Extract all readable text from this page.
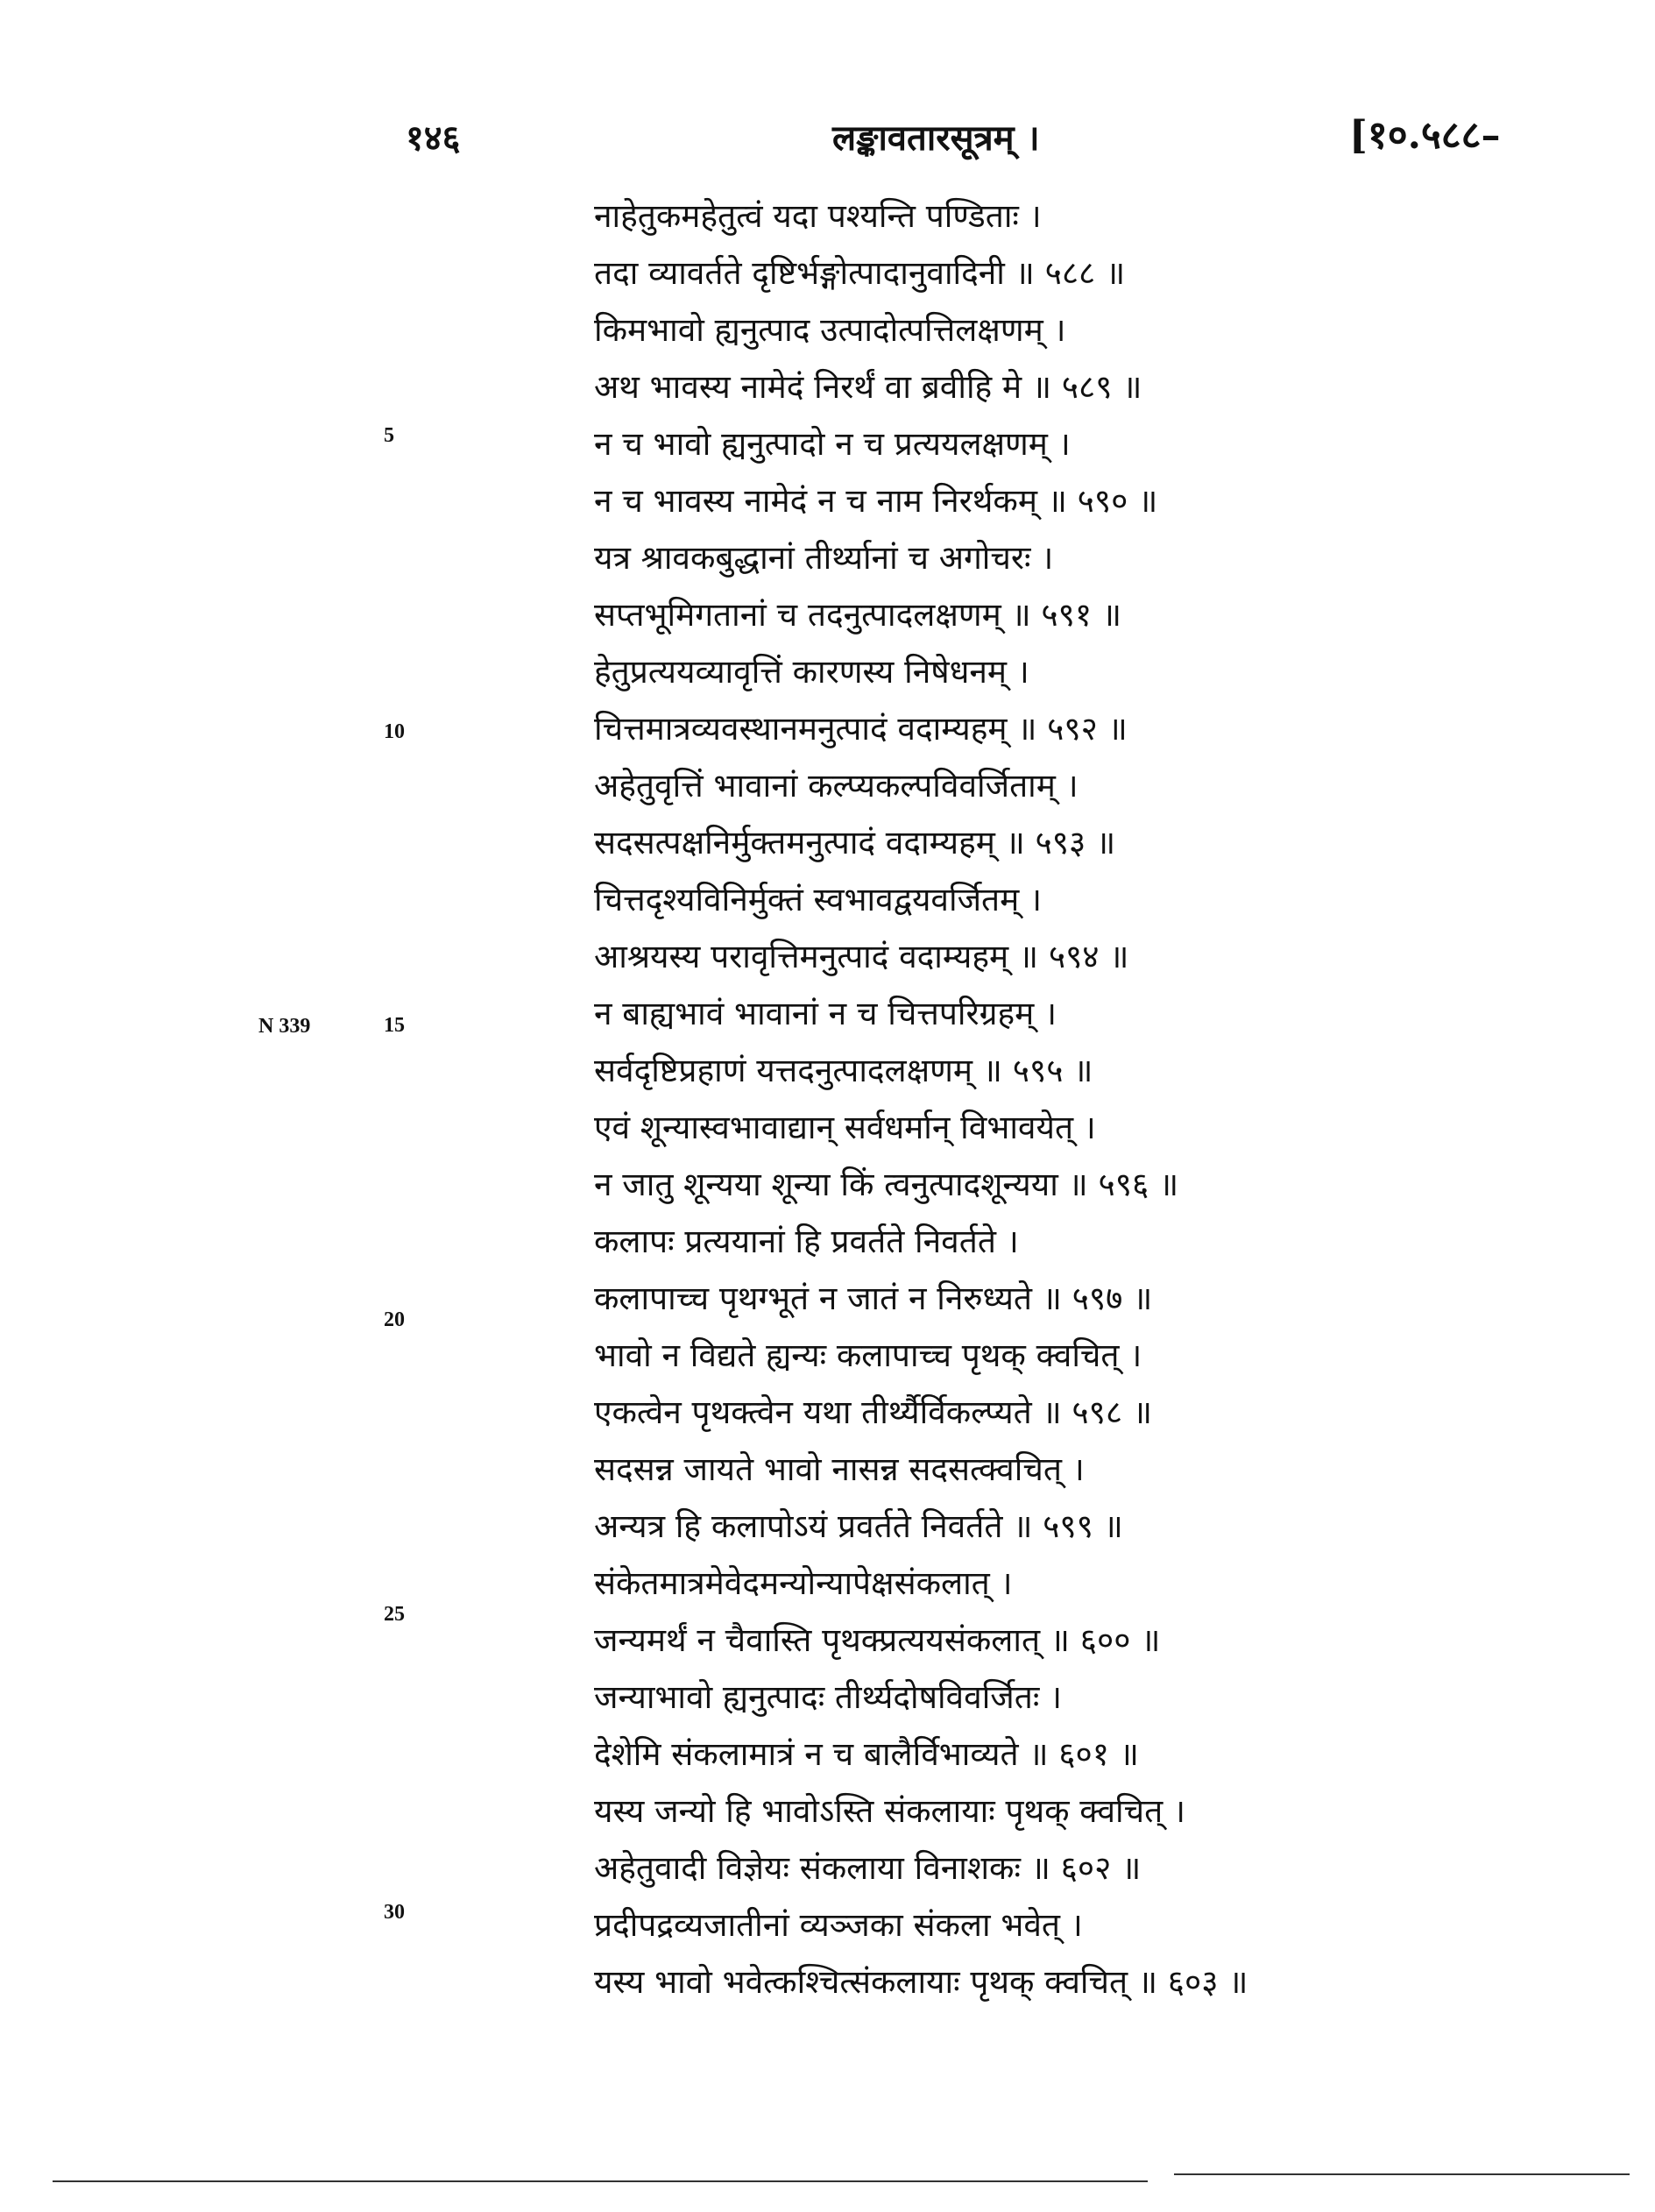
१४६	लङ्कावतारसूत्रम् ।	[१०.५८८–
N 339
5
10
15
20
25
30
नाहेतुकमहेतुत्वं यदा पश्यन्ति पण्डिताः ।
तदा व्यावर्तते दृष्टिर्भङ्गोत्पादानुवादिनी ॥ ५८८ ॥
किमभावो ह्यनुत्पाद उत्पादोत्पत्तिलक्षणम् ।
अथ भावस्य नामेदं निरर्थं वा ब्रवीहि मे ॥ ५८९ ॥
न च भावो ह्यनुत्पादो न च प्रत्ययलक्षणम् ।
न च भावस्य नामेदं न च नाम निरर्थकम् ॥ ५९० ॥
यत्र श्रावकबुद्धानां तीर्थ्यानां च अगोचरः ।
सप्तभूमिगतानां च तदनुत्पादलक्षणम् ॥ ५९१ ॥
हेतुप्रत्ययव्यावृत्तिं कारणस्य निषेधनम् ।
चित्तमात्रव्यवस्थानमनुत्पादं वदाम्यहम् ॥ ५९२ ॥
अहेतुवृत्तिं भावानां कल्प्यकल्पविवर्जिताम् ।
सदसत्पक्षनिर्मुक्तमनुत्पादं वदाम्यहम् ॥ ५९३ ॥
चित्तदृश्यविनिर्मुक्तं स्वभावद्वयवर्जितम् ।
आश्रयस्य परावृत्तिमनुत्पादं वदाम्यहम् ॥ ५९४ ॥
न बाह्यभावं भावानां न च चित्तपरिग्रहम् ।
सर्वदृष्टिप्रहाणं यत्तदनुत्पादलक्षणम् ॥ ५९५ ॥
एवं शून्यास्वभावाद्यान् सर्वधर्मान् विभावयेत् ।
न जातु शून्यया शून्या किं त्वनुत्पादशून्यया ॥ ५९६ ॥
कलापः प्रत्ययानां हि प्रवर्तते निवर्तते ।
कलापाच्च पृथग्भूतं न जातं न निरुध्यते ॥ ५९७ ॥
भावो न विद्यते ह्यन्यः कलापाच्च पृथक् क्वचित् ।
एकत्वेन पृथक्त्वेन यथा तीर्थ्यैर्विकल्प्यते ॥ ५९८ ॥
सदसन्न जायते भावो नासन्न सदसत्क्वचित् ।
अन्यत्र हि कलापोऽयं प्रवर्तते निवर्तते ॥ ५९९ ॥
संकेतमात्रमेवेदमन्योन्यापेक्षसंकलात् ।
जन्यमर्थं न चैवास्ति पृथक्प्रत्ययसंकलात् ॥ ६०० ॥
जन्याभावो ह्यनुत्पादः तीर्थ्यदोषविवर्जितः ।
देशेमि संकलामात्रं न च बालैर्विभाव्यते ॥ ६०१ ॥
यस्य जन्यो हि भावोऽस्ति संकलायाः पृथक् क्वचित् ।
अहेतुवादी विज्ञेयः संकलाया विनाशकः ॥ ६०२ ॥
प्रदीपद्रव्यजातीनां व्यञ्जका संकला भवेत् ।
यस्य भावो भवेत्कश्चित्संकलायाः पृथक् क्वचित् ॥ ६०३ ॥
